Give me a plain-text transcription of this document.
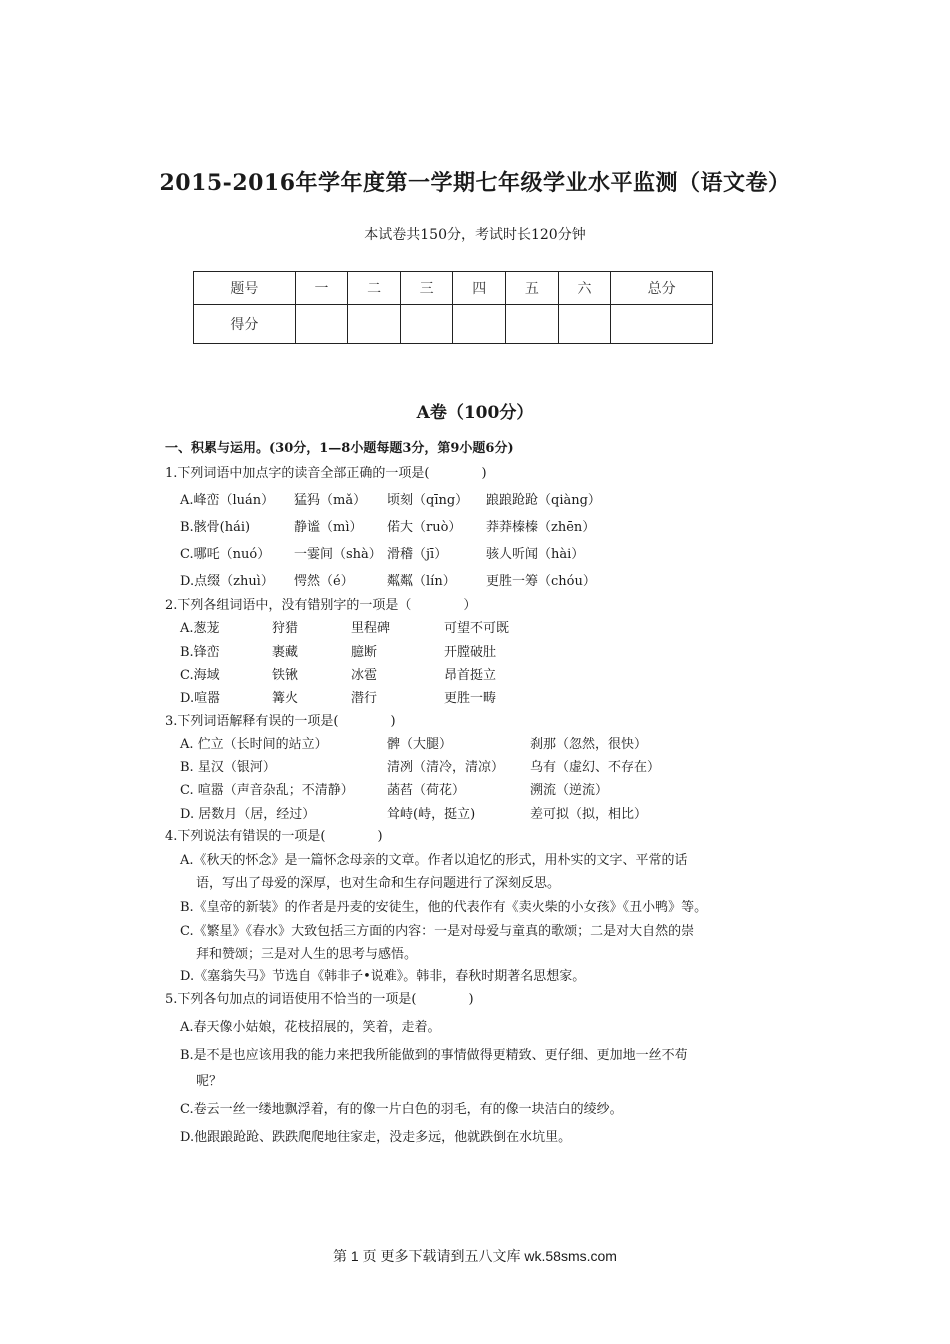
2015-2016年学年度第一学期七年级学业水平监测（语文卷）
本试卷共150分，考试时长120分钟
题号	一	二	三	四	五	六	总分
得分							
A卷（100分）
一、积累与运用。(30分，1—8小题每题3分，第9小题6分)
1.下列词语中加点字的读音全部正确的一项是(　　　　)
A.峰峦（luán） 猛犸（mǎ） 顷刻（qīng） 踉踉跄跄（qiàng）
B.骸骨(hái)	静谧（mì） 偌大（ruò） 莽莽榛榛（zhēn）
C.哪吒（nuó） 一霎间（shà） 滑稽（jī）	骇人听闻（hài）
D.点缀（zhuì） 愕然（é）	粼粼（lín） 更胜一筹（chóu）
2.下列各组词语中，没有错别字的一项是（　　　　）
A.葱茏	狩猎	里程碑	可望不可既
B.锋峦	裹藏	臆断	开膛破肚
C.海域	铁锹	冰雹	昂首挺立
D.喧嚣	篝火	潜行	更胜一畴
3.下列词语解释有误的一项是(　　　　)
A. 伫立（长时间的站立）	髀（大腿）	刹那（忽然，很快）
B. 星汉（银河）	清冽（清冷，清凉） 乌有（虚幻、不存在）
C. 喧嚣（声音杂乱；不清静）	菡萏（荷花）	溯流（逆流）
D. 居数月（居，经过）	耸峙(峙，挺立)	差可拟（拟，相比）
4.下列说法有错误的一项是(　　　　)
A.《秋天的怀念》是一篇怀念母亲的文章。作者以追忆的形式，用朴实的文字、平常的话
语，写出了母爱的深厚，也对生命和生存问题进行了深刻反思。
B.《皇帝的新装》的作者是丹麦的安徒生，他的代表作有《卖火柴的小女孩》《丑小鸭》等。
C.《繁星》《春水》大致包括三方面的内容：一是对母爱与童真的歌颂；二是对大自然的崇
拜和赞颂；三是对人生的思考与感悟。
D.《塞翁失马》节选自《韩非子•说难》。韩非，春秋时期著名思想家。
5.下列各句加点的词语使用不恰当的一项是(　　　　)
A.春天像小姑娘，花枝招展的，笑着，走着。
B.是不是也应该用我的能力来把我所能做到的事情做得更精致、更仔细、更加地一丝不苟
呢？
C.卷云一丝一缕地飘浮着，有的像一片白色的羽毛，有的像一块洁白的绫纱。
D.他跟踉跄跄、跌跌爬爬地往家走，没走多远，他就跌倒在水坑里。
第 1 页 更多下载请到五八文库 wk.58sms.com
